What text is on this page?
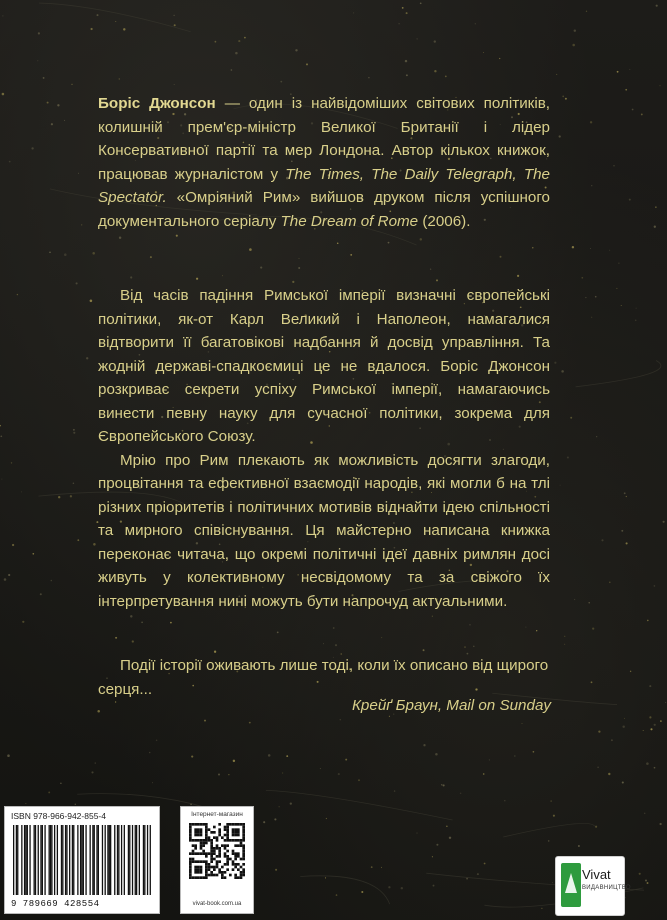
Боріс Джонсон — один із найвідоміших світових політиків, колишній прем'єр-міністр Великої Британії і лідер Консервативної партії та мер Лондона. Автор кількох книжок, працював журналістом у The Times, The Daily Telegraph, The Spectator. «Омріяний Рим» вийшов друком після успішного документального серіалу The Dream of Rome (2006).

Від часів падіння Римської імперії визначні європейські політики, як-от Карл Великий і Наполеон, намагалися відтворити її багатовікові надбання й досвід управління. Та жодній державі-спадкоємиці це не вдалося. Боріс Джонсон розкриває секрети успіху Римської імперії, намагаючись винести певну науку для сучасної політики, зокрема для Європейського Союзу.

Мрію про Рим плекають як можливість досягти злагоди, процвітання та ефективної взаємодії народів, які могли б на тлі різних пріоритетів і політичних мотивів віднайти ідею спільності та мирного співіснування. Ця майстерно написана книжка переконає читача, що окремі політичні ідеї давніх римлян досі живуть у колективному несвідомому та за свіжого їх інтерпретування нині можуть бути напрочуд актуальними.

Події історії оживають лише тоді, коли їх описано від щирого серця...
Крейґ Браун, Mail on Sunday
ISBN 978-966-942-855-4
9 789669 428554
Інтернет-магазин
vivat-book.com.ua
Vivat
ВИДАВНИЦТВО
